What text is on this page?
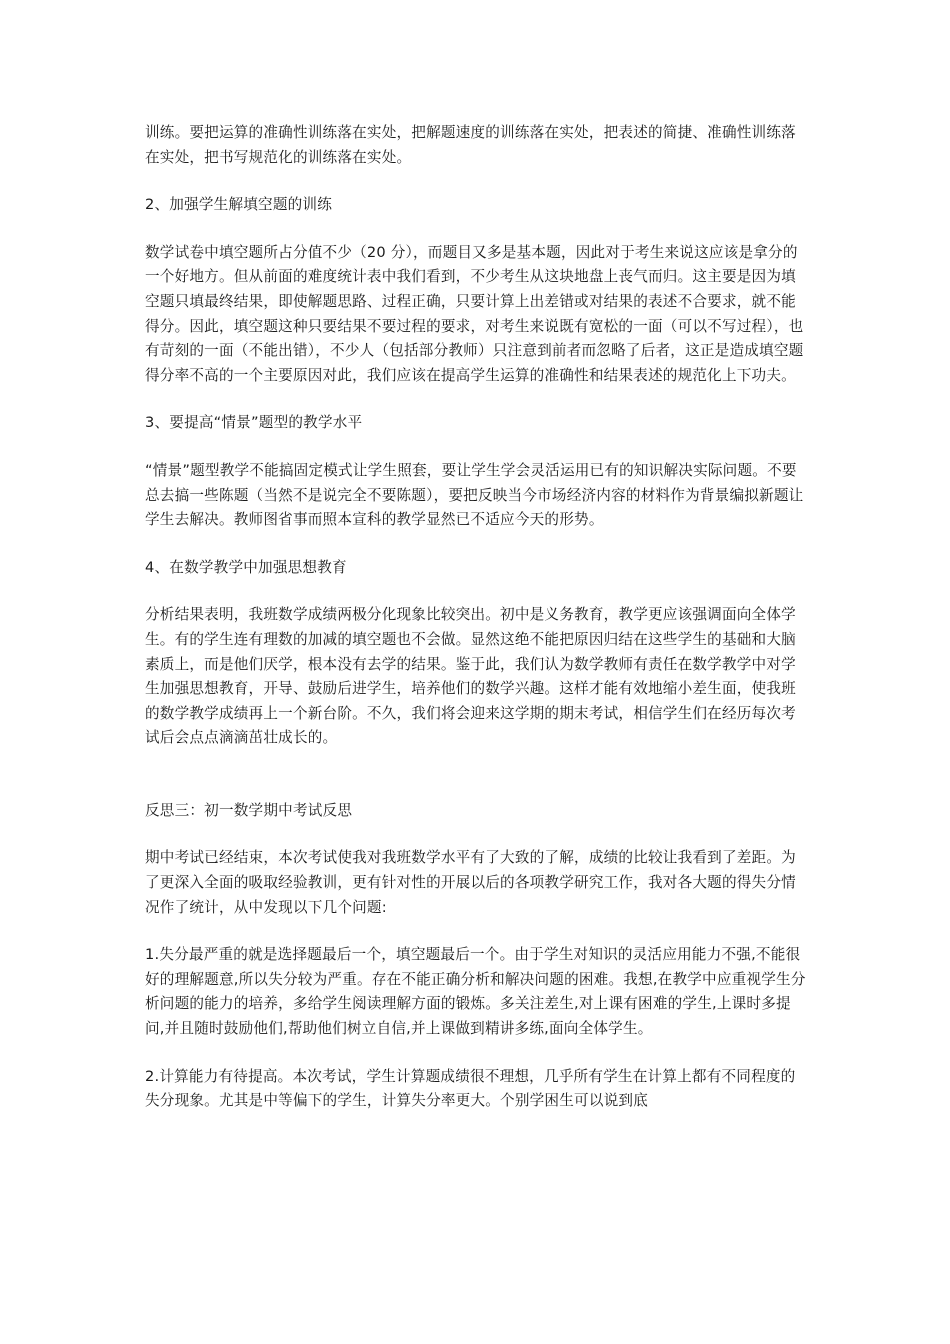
训练。要把运算的准确性训练落在实处，把解题速度的训练落在实处，把表述的简捷、准确性训练落在实处，把书写规范化的训练落在实处。

2、加强学生解填空题的训练

数学试卷中填空题所占分值不少（20 分），而题目又多是基本题，因此对于考生来说这应该是拿分的一个好地方。但从前面的难度统计表中我们看到，不少考生从这块地盘上丧气而归。这主要是因为填空题只填最终结果，即使解题思路、过程正确，只要计算上出差错或对结果的表述不合要求，就不能得分。因此，填空题这种只要结果不要过程的要求，对考生来说既有宽松的一面（可以不写过程），也有苛刻的一面（不能出错），不少人（包括部分教师）只注意到前者而忽略了后者，这正是造成填空题得分率不高的一个主要原因对此，我们应该在提高学生运算的准确性和结果表述的规范化上下功夫。

3、要提高“情景”题型的教学水平

“情景”题型教学不能搞固定模式让学生照套，要让学生学会灵活运用已有的知识解决实际问题。不要总去搞一些陈题（当然不是说完全不要陈题），要把反映当今市场经济内容的材料作为背景编拟新题让学生去解决。教师图省事而照本宣科的教学显然已不适应今天的形势。

4、在数学教学中加强思想教育

分析结果表明，我班数学成绩两极分化现象比较突出。初中是义务教育，教学更应该强调面向全体学生。有的学生连有理数的加减的填空题也不会做。显然这绝不能把原因归结在这些学生的基础和大脑素质上，而是他们厌学，根本没有去学的结果。鉴于此，我们认为数学教师有责任在数学教学中对学生加强思想教育，开导、鼓励后进学生，培养他们的数学兴趣。这样才能有效地缩小差生面，使我班的数学教学成绩再上一个新台阶。不久，我们将会迎来这学期的期末考试，相信学生们在经历每次考试后会点点滴滴茁壮成长的。

反思三：初一数学期中考试反思

期中考试已经结束，本次考试使我对我班数学水平有了大致的了解，成绩的比较让我看到了差距。为了更深入全面的吸取经验教训，更有针对性的开展以后的各项教学研究工作，我对各大题的得失分情况作了统计，从中发现以下几个问题:

1.失分最严重的就是选择题最后一个，填空题最后一个。由于学生对知识的灵活应用能力不强,不能很好的理解题意,所以失分较为严重。存在不能正确分析和解决问题的困难。我想,在教学中应重视学生分析问题的能力的培养，多给学生阅读理解方面的锻炼。多关注差生,对上课有困难的学生,上课时多提问,并且随时鼓励他们,帮助他们树立自信,并上课做到精讲多练,面向全体学生。

2.计算能力有待提高。本次考试，学生计算题成绩很不理想，几乎所有学生在计算上都有不同程度的失分现象。尤其是中等偏下的学生，计算失分率更大。个别学困生可以说到底
